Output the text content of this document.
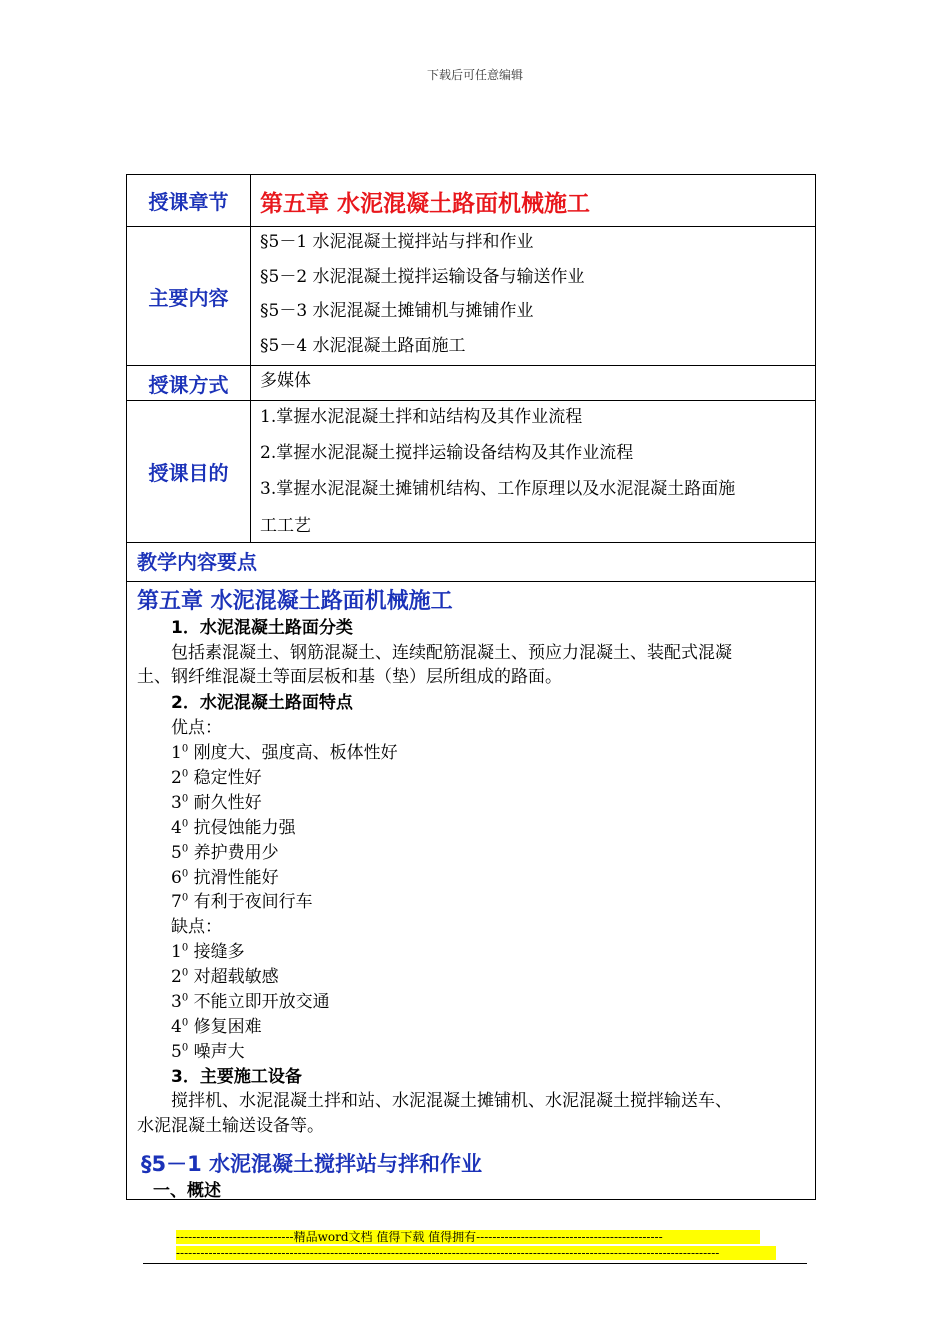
下载后可任意编辑
授课章节	第五章 水泥混凝土路面机械施工
主要内容
§5－1 水泥混凝土搅拌站与拌和作业
§5－2 水泥混凝土搅拌运输设备与输送作业
§5－3 水泥混凝土摊铺机与摊铺作业
§5－4 水泥混凝土路面施工
授课方式	多媒体
授课目的
1.掌握水泥混凝土拌和站结构及其作业流程
2.掌握水泥混凝土搅拌运输设备结构及其作业流程
3.掌握水泥混凝土摊铺机结构、工作原理以及水泥混凝土路面施
工工艺
教学内容要点
第五章 水泥混凝土路面机械施工
1．水泥混凝土路面分类
包括素混凝土、钢筋混凝土、连续配筋混凝土、预应力混凝土、装配式混凝
土、钢纤维混凝土等面层板和基（垫）层所组成的路面。
2．水泥混凝土路面特点
优点：
$1^0$ 刚度大、强度高、板体性好
$2^0$ 稳定性好
$3^0$ 耐久性好
$4^0$ 抗侵蚀能力强
$5^0$ 养护费用少
$6^0$ 抗滑性能好
$7^0$ 有利于夜间行车
缺点：
$1^0$ 接缝多
$2^0$ 对超载敏感
$3^0$ 不能立即开放交通
$4^0$ 修复困难
$5^0$ 噪声大
3．主要施工设备
搅拌机、水泥混凝土拌和站、水泥混凝土摊铺机、水泥混凝土搅拌输送车、
水泥混凝土输送设备等。
§5－1 水泥混凝土搅拌站与拌和作业
一、概述
-----------------------------精品word文档 值得下载 值得拥有----------------------------------------------
--------------------------------------------------------------------------------------------------------------------------------------
